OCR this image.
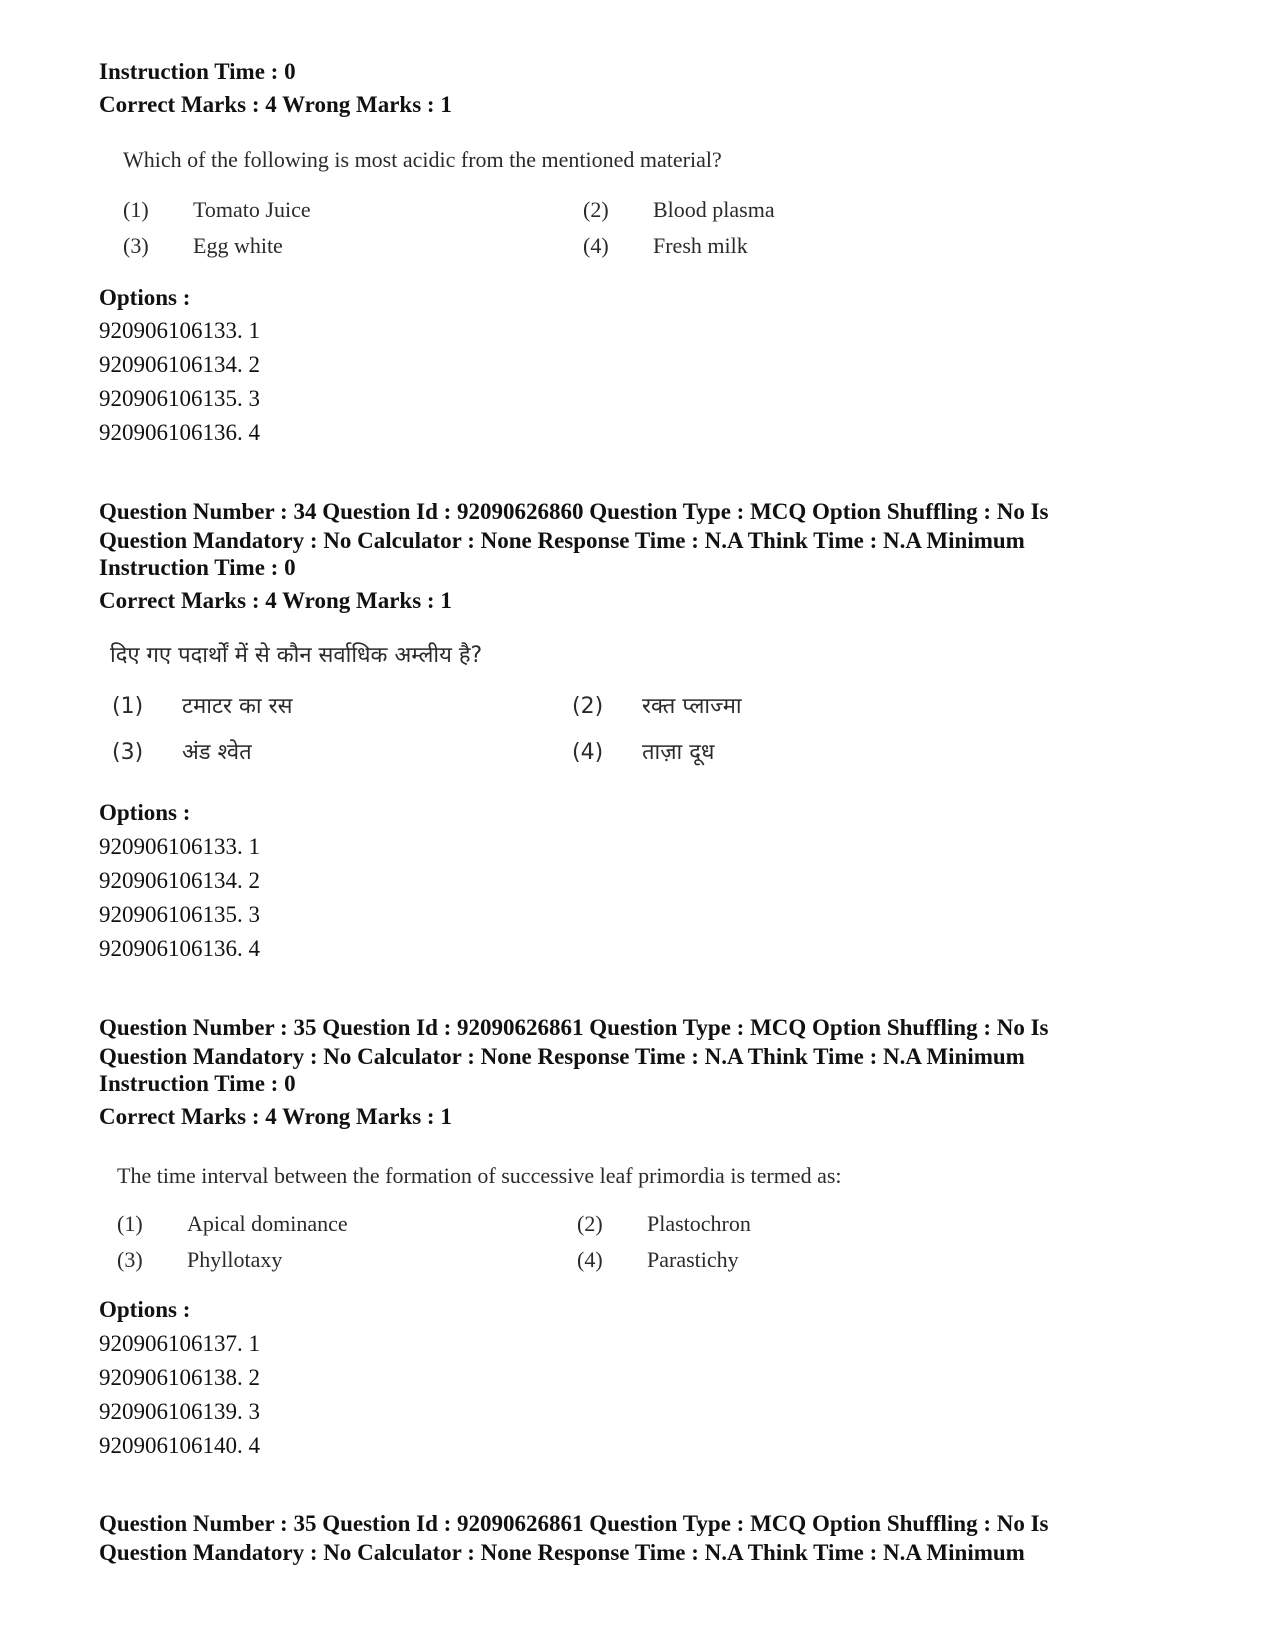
Instruction Time : 0
Correct Marks : 4 Wrong Marks : 1
Which of the following is most acidic from the mentioned material?
(1) Tomato Juice	(2) Blood plasma
(3) Egg white	(4) Fresh milk
Options :
920906106133. 1
920906106134. 2
920906106135. 3
920906106136. 4
Question Number : 34 Question Id : 92090626860 Question Type : MCQ Option Shuffling : No Is
Question Mandatory : No Calculator : None Response Time : N.A Think Time : N.A Minimum
Instruction Time : 0
Correct Marks : 4 Wrong Marks : 1
दिए गए पदार्थों में से कौन सर्वाधिक अम्लीय है?
(1) टमाटर का रस	(2) रक्त प्लाज्मा
(3) अंड श्वेत	(4) ताज़ा दूध
Options :
920906106133. 1
920906106134. 2
920906106135. 3
920906106136. 4
Question Number : 35 Question Id : 92090626861 Question Type : MCQ Option Shuffling : No Is
Question Mandatory : No Calculator : None Response Time : N.A Think Time : N.A Minimum
Instruction Time : 0
Correct Marks : 4 Wrong Marks : 1
The time interval between the formation of successive leaf primordia is termed as:
(1) Apical dominance	(2) Plastochron
(3) Phyllotaxy	(4) Parastichy
Options :
920906106137. 1
920906106138. 2
920906106139. 3
920906106140. 4
Question Number : 35 Question Id : 92090626861 Question Type : MCQ Option Shuffling : No Is
Question Mandatory : No Calculator : None Response Time : N.A Think Time : N.A Minimum
